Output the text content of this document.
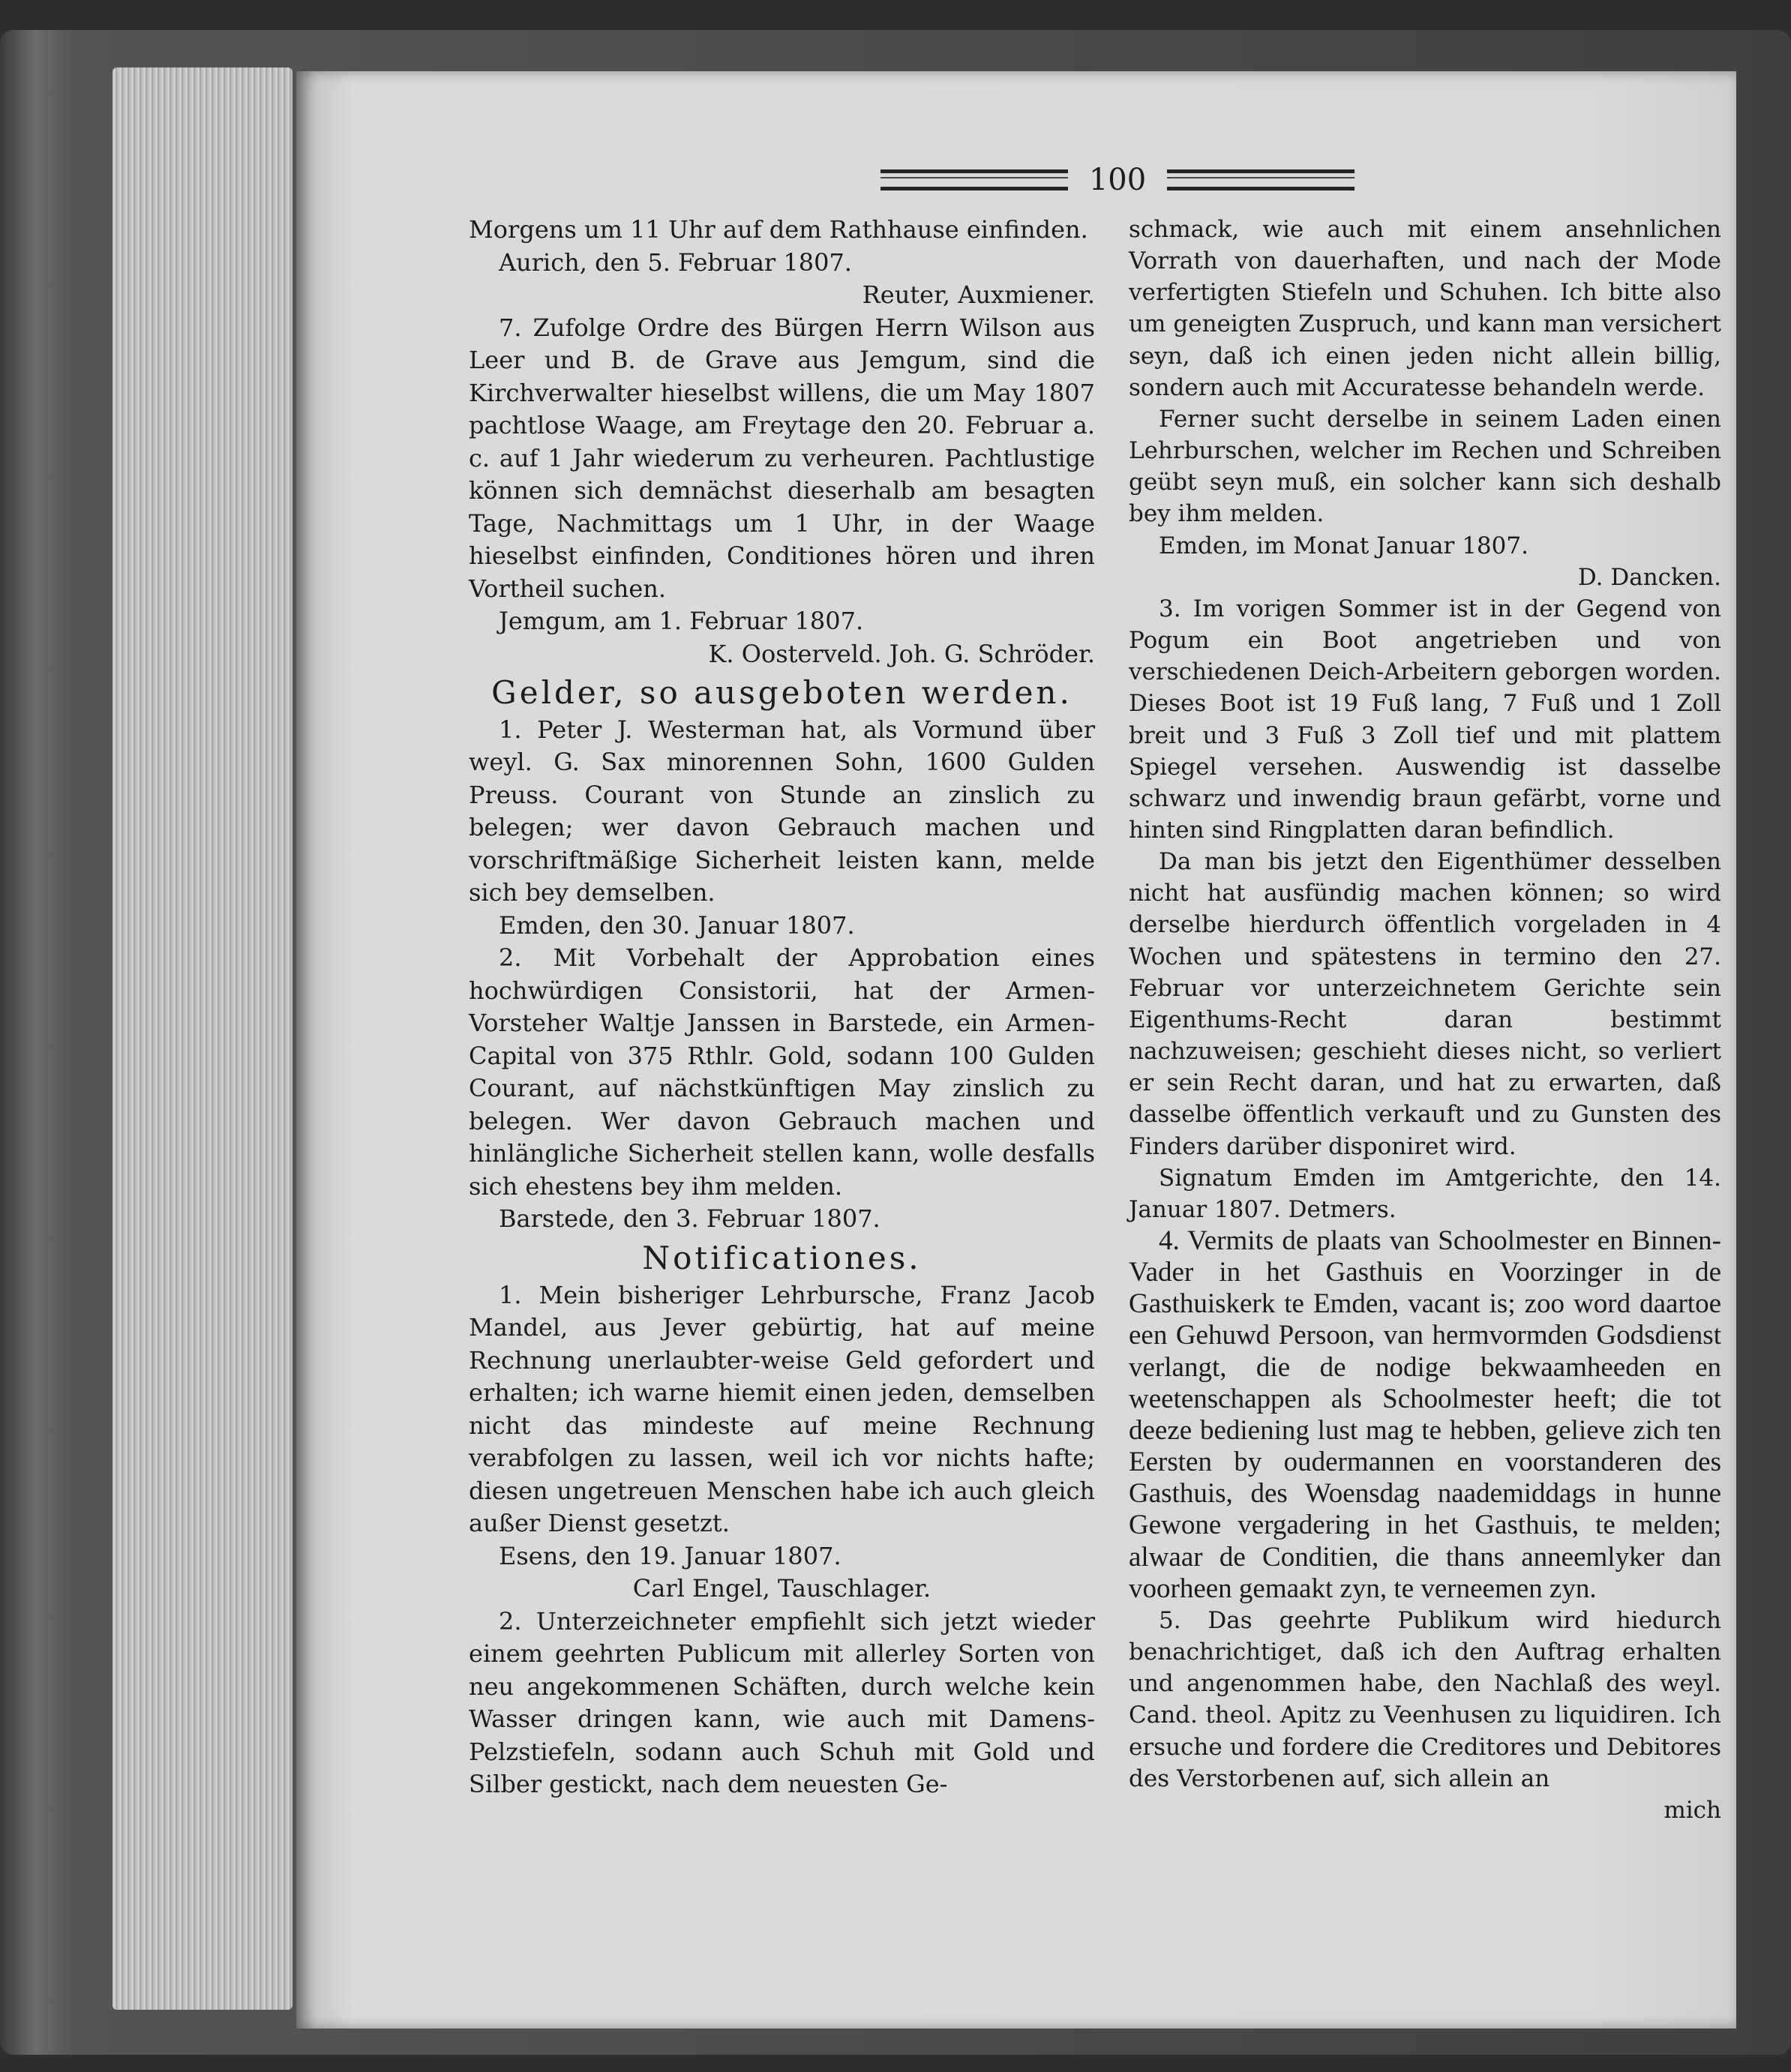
100

Morgens um 11 Uhr auf dem Rathhause einfinden.

Aurich, den 5. Februar 1807.

Reuter, Auxmiener.

7. Zufolge Ordre des Bürgen Herrn Wilson aus Leer und B. de Grave aus Jemgum, sind die Kirchverwalter hieselbst willens, die um May 1807 pachtlose Waage, am Freytage den 20. Februar a. c. auf 1 Jahr wiederum zu verheuren. Pachtlustige können sich demnächst dieserhalb am besagten Tage, Nachmittags um 1 Uhr, in der Waage hieselbst einfinden, Conditiones hören und ihren Vortheil suchen.

Jemgum, am 1. Februar 1807.

K. Oosterveld. Joh. G. Schröder.

Gelder, so ausgeboten werden.

1. Peter J. Westerman hat, als Vormund über weyl. G. Sax minorennen Sohn, 1600 Gulden Preuss. Courant von Stunde an zinslich zu belegen; wer davon Gebrauch machen und vorschriftmäßige Sicherheit leisten kann, melde sich bey demselben.

Emden, den 30. Januar 1807.

2. Mit Vorbehalt der Approbation eines hochwürdigen Consistorii, hat der Armen-Vorsteher Waltje Janssen in Barstede, ein Armen-Capital von 375 Rthlr. Gold, sodann 100 Gulden Courant, auf nächstkünftigen May zinslich zu belegen. Wer davon Gebrauch machen und hinlängliche Sicherheit stellen kann, wolle desfalls sich ehestens bey ihm melden.

Barstede, den 3. Februar 1807.

Notificationes.

1. Mein bisheriger Lehrbursche, Franz Jacob Mandel, aus Jever gebürtig, hat auf meine Rechnung unerlaubter-weise Geld gefordert und erhalten; ich warne hiemit einen jeden, demselben nicht das mindeste auf meine Rechnung verabfolgen zu lassen, weil ich vor nichts hafte; diesen ungetreuen Menschen habe ich auch gleich außer Dienst gesetzt.

Esens, den 19. Januar 1807.

Carl Engel, Tauschlager.

2. Unterzeichneter empfiehlt sich jetzt wieder einem geehrten Publicum mit allerley Sorten von neu angekommenen Schäften, durch welche kein Wasser dringen kann, wie auch mit Damens-Pelzstiefeln, sodann auch Schuh mit Gold und Silber gestickt, nach dem neuesten Ge-

schmack, wie auch mit einem ansehnlichen Vorrath von dauerhaften, und nach der Mode verfertigten Stiefeln und Schuhen. Ich bitte also um geneigten Zuspruch, und kann man versichert seyn, daß ich einen jeden nicht allein billig, sondern auch mit Accuratesse behandeln werde.

Ferner sucht derselbe in seinem Laden einen Lehrburschen, welcher im Rechen und Schreiben geübt seyn muß, ein solcher kann sich deshalb bey ihm melden.

Emden, im Monat Januar 1807.

D. Dancken.

3. Im vorigen Sommer ist in der Gegend von Pogum ein Boot angetrieben und von verschiedenen Deich-Arbeitern geborgen worden. Dieses Boot ist 19 Fuß lang, 7 Fuß und 1 Zoll breit und 3 Fuß 3 Zoll tief und mit plattem Spiegel versehen. Auswendig ist dasselbe schwarz und inwendig braun gefärbt, vorne und hinten sind Ringplatten daran befindlich.

Da man bis jetzt den Eigenthümer desselben nicht hat ausfündig machen können; so wird derselbe hierdurch öffentlich vorgeladen in 4 Wochen und spätestens in termino den 27. Februar vor unterzeichnetem Gerichte sein Eigenthums-Recht daran bestimmt nachzuweisen; geschieht dieses nicht, so verliert er sein Recht daran, und hat zu erwarten, daß dasselbe öffentlich verkauft und zu Gunsten des Finders darüber disponiret wird.

Signatum Emden im Amtgerichte, den 14. Januar 1807. Detmers.

4. Vermits de plaats van Schoolmester en Binnen-Vader in het Gasthuis en Voorzinger in de Gasthuiskerk te Emden, vacant is; zoo word daartoe een Gehuwd Persoon, van hermvormden Godsdienst verlangt, die de nodige bekwaamheeden en weetenschappen als Schoolmester heeft; die tot deeze bediening lust mag te hebben, gelieve zich ten Eersten by oudermannen en voorstanderen des Gasthuis, des Woensdag naademiddags in hunne Gewone vergadering in het Gasthuis, te melden; alwaar de Conditien, die thans anneemlyker dan voorheen gemaakt zyn, te verneemen zyn.

5. Das geehrte Publikum wird hiedurch benachrichtiget, daß ich den Auftrag erhalten und angenommen habe, den Nachlaß des weyl. Cand. theol. Apitz zu Veenhusen zu liquidiren. Ich ersuche und fordere die Creditores und Debitores des Verstorbenen auf, sich allein an

mich
